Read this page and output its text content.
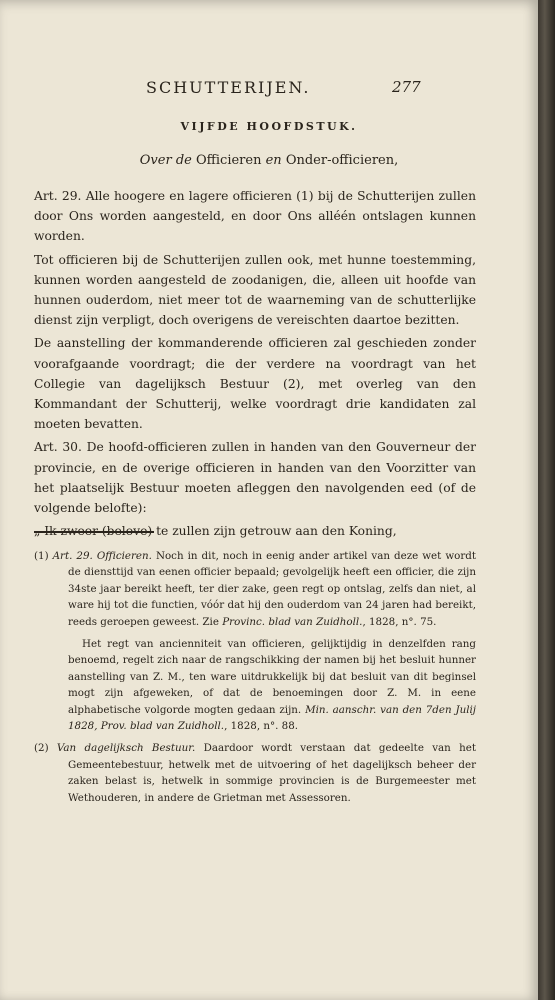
SCHUTTERIJEN.	277
VIJFDE HOOFDSTUK.
Over de Officieren en Onder-officieren,

Art. 29. Alle hoogere en lagere officieren (1) bij de Schutterijen zullen door Ons worden aangesteld, en door Ons alléén ontslagen kunnen worden.

Tot officieren bij de Schutterijen zullen ook, met hunne toestemming, kunnen worden aangesteld de zoodanigen, die, alleen uit hoofde van hunnen ouderdom, niet meer tot de waarneming van de schutterlijke dienst zijn verpligt, doch overigens de vereischten daartoe bezitten.

De aanstelling der kommanderende officieren zal geschieden zonder voorafgaande voordragt; die der verdere na voordragt van het Collegie van dagelijksch Bestuur (2), met overleg van den Kommandant der Schutterij, welke voordragt drie kandidaten zal moeten bevatten.

Art. 30. De hoofd-officieren zullen in handen van den Gouverneur der provincie, en de overige officieren in handen van den Voorzitter van het plaatselijk Bestuur moeten afleggen den navolgenden eed (of de volgende belofte):

„ Ik zweer (belove) te zullen zijn getrouw aan den Koning,

(1) Art. 29. Officieren. Noch in dit, noch in eenig ander artikel van deze wet wordt de diensttijd van eenen officier bepaald; gevolgelijk heeft een officier, die zijn 34ste jaar bereikt heeft, ter dier zake, geen regt op ontslag, zelfs dan niet, al ware hij tot die functien, vóór dat hij den ouderdom van 24 jaren had bereikt, reeds geroepen geweest. Zie Provinc. blad van Zuidholl., 1828, n°. 75.

Het regt van ancienniteit van officieren, gelijktijdig in denzelfden rang benoemd, regelt zich naar de rangschikking der namen bij het besluit hunner aanstelling van Z. M., ten ware uitdrukkelijk bij dat besluit van dit beginsel mogt zijn afgeweken, of dat de benoemingen door Z. M. in eene alphabetische volgorde mogten gedaan zijn. Min. aanschr. van den 7den Julij 1828, Prov. blad van Zuidholl., 1828, n°. 88.

(2) Van dagelijksch Bestuur. Daardoor wordt verstaan dat gedeelte van het Gemeentebestuur, hetwelk met de uitvoering of het dagelijksch beheer der zaken belast is, hetwelk in sommige provincien is de Burgemeester met Wethouderen, in andere de Grietman met Assessoren.
